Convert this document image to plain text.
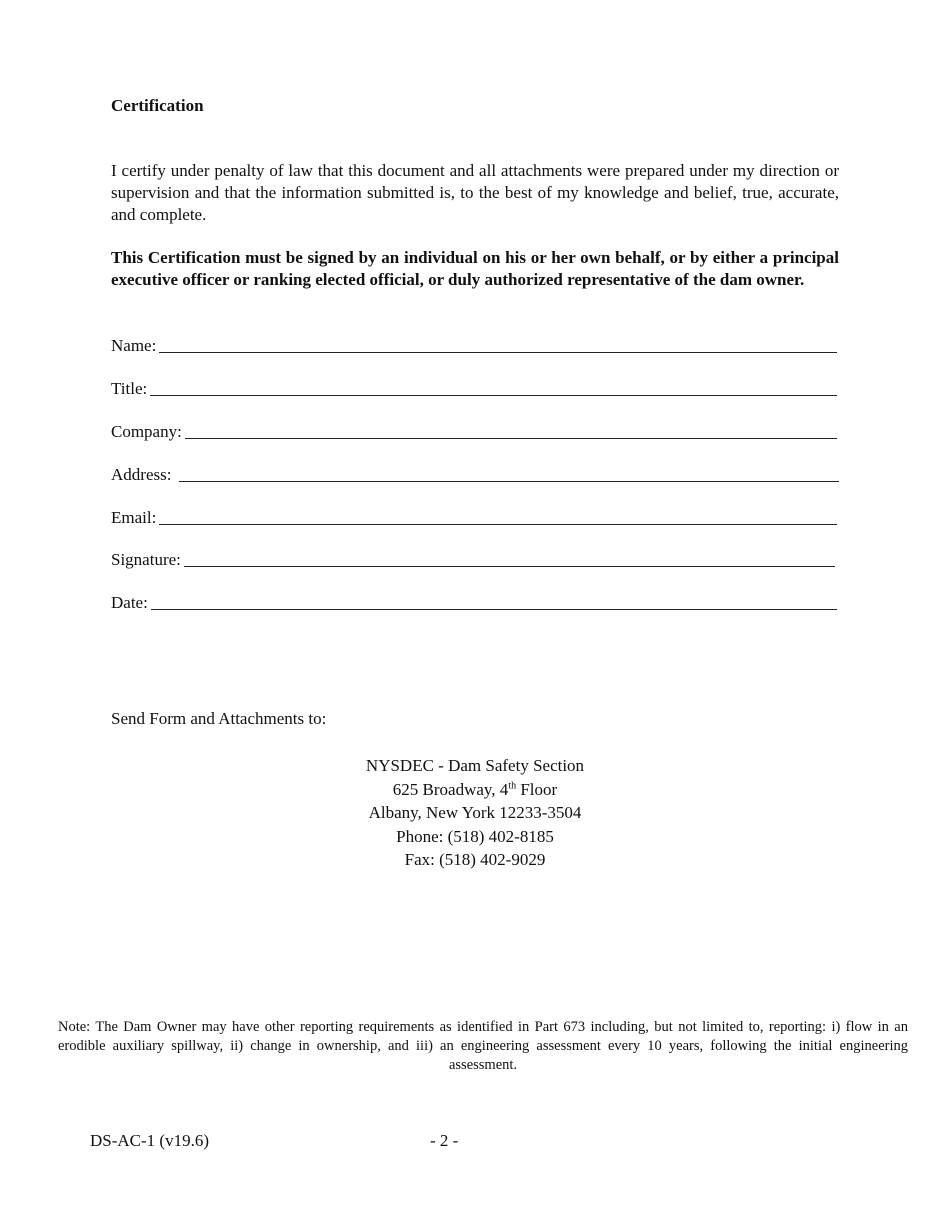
Certification

I certify under penalty of law that this document and all attachments were prepared under my direction or supervision and that the information submitted is, to the best of my knowledge and belief, true, accurate, and complete.

This Certification must be signed by an individual on his or her own behalf, or by either a principal executive officer or ranking elected official, or duly authorized representative of the dam owner.

Name:
Title:
Company:
Address:
Email:
Signature:
Date:

Send Form and Attachments to:

NYSDEC - Dam Safety Section
625 Broadway, 4th Floor
Albany, New York 12233-3504
Phone: (518) 402-8185
Fax: (518) 402-9029

Note: The Dam Owner may have other reporting requirements as identified in Part 673 including, but not limited to, reporting: i) flow in an erodible auxiliary spillway, ii) change in ownership, and iii) an engineering assessment every 10 years, following the initial engineering assessment.

DS-AC-1 (v19.6)	- 2 -
